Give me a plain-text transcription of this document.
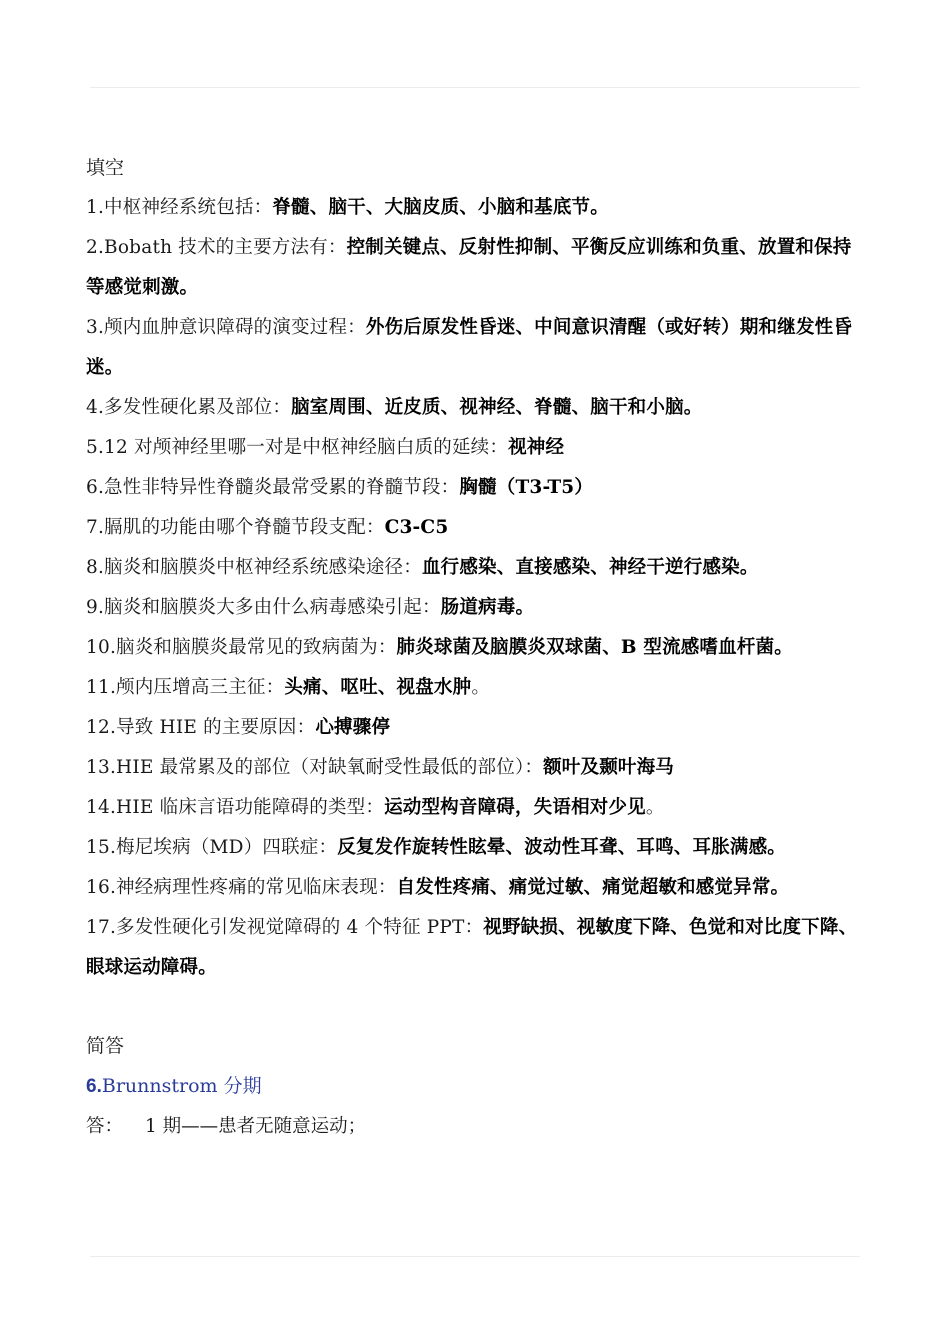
填空
1.中枢神经系统包括：脊髓、脑干、大脑皮质、小脑和基底节。
2.Bobath 技术的主要方法有：控制关键点、反射性抑制、平衡反应训练和负重、放置和保持等感觉刺激。
3.颅内血肿意识障碍的演变过程：外伤后原发性昏迷、中间意识清醒（或好转）期和继发性昏迷。
4.多发性硬化累及部位：脑室周围、近皮质、视神经、脊髓、脑干和小脑。
5.12 对颅神经里哪一对是中枢神经脑白质的延续：视神经
6.急性非特异性脊髓炎最常受累的脊髓节段：胸髓（T3-T5）
7.膈肌的功能由哪个脊髓节段支配：C3-C5
8.脑炎和脑膜炎中枢神经系统感染途径：血行感染、直接感染、神经干逆行感染。
9.脑炎和脑膜炎大多由什么病毒感染引起：肠道病毒。
10.脑炎和脑膜炎最常见的致病菌为：肺炎球菌及脑膜炎双球菌、B 型流感嗜血杆菌。
11.颅内压增高三主征：头痛、呕吐、视盘水肿。
12.导致 HIE 的主要原因：心搏骤停
13.HIE 最常累及的部位（对缺氧耐受性最低的部位）：额叶及颞叶海马
14.HIE 临床言语功能障碍的类型：运动型构音障碍，失语相对少见。
15.梅尼埃病（MD）四联症：反复发作旋转性眩晕、波动性耳聋、耳鸣、耳胀满感。
16.神经病理性疼痛的常见临床表现：自发性疼痛、痛觉过敏、痛觉超敏和感觉异常。
17.多发性硬化引发视觉障碍的 4 个特征 PPT：视野缺损、视敏度下降、色觉和对比度下降、眼球运动障碍。
简答
6.Brunnstrom 分期
答： 1 期——患者无随意运动；
